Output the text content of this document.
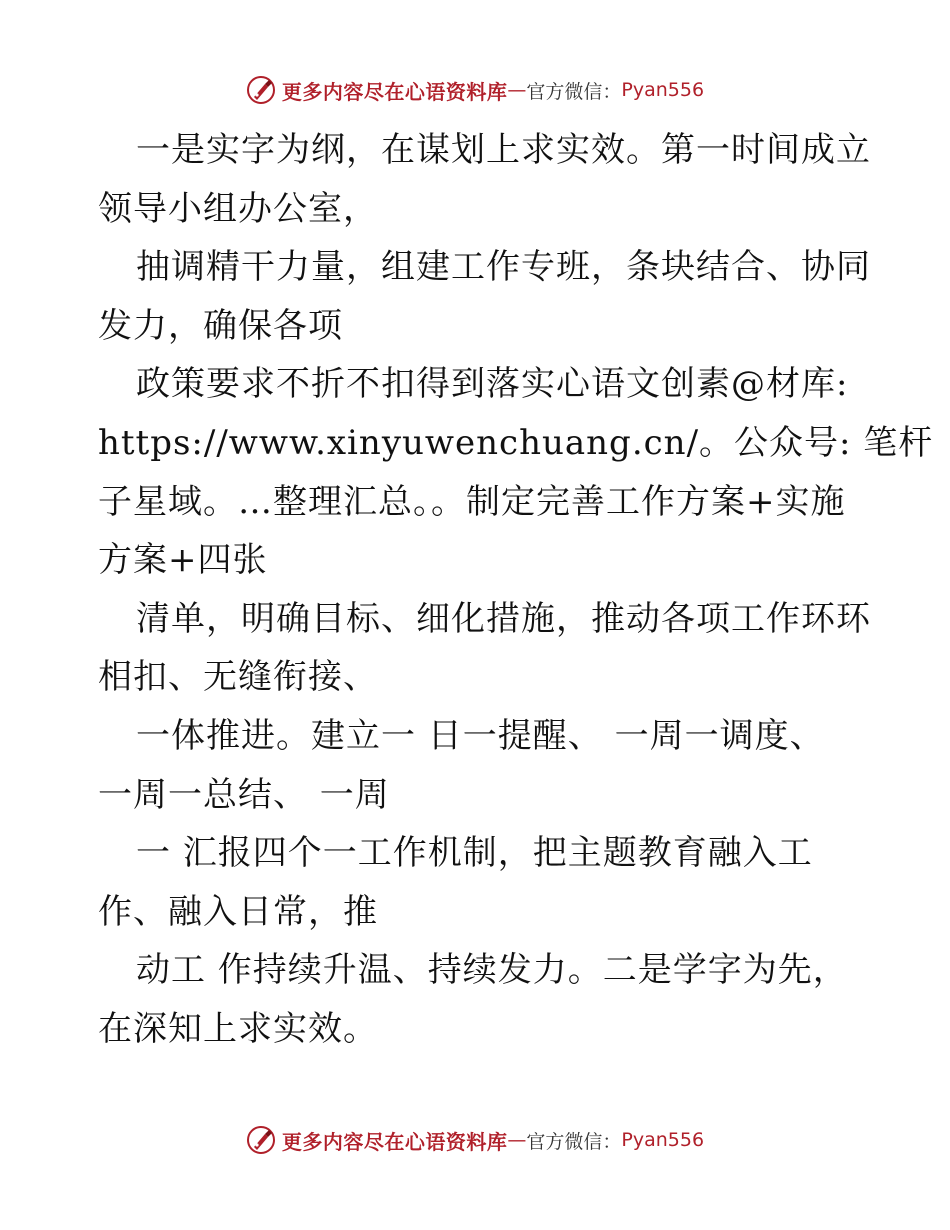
更多内容尽在心语资料库 — 官方微信： Pyan556
一是实字为纲，在谋划上求实效。第一时间成立
领导小组办公室，
抽调精干力量，组建工作专班，条块结合、协同
发力，确保各项
政策要求不折不扣得到落实心语文创素@材库:
https://www.xinyuwenchuang.cn/。公众号: 笔杆
子星域。…整理汇总。。制定完善工作方案+实施
方案+四张
清单，明确目标、细化措施，推动各项工作环环
相扣、无缝衔接、
一体推进。建立一 日一提醒、 一周一调度、
一周一总结、 一周
一 汇报四个一工作机制，把主题教育融入工
作、融入日常，推
动工 作持续升温、持续发力。二是学字为先，
在深知上求实效。
更多内容尽在心语资料库 — 官方微信： Pyan556
